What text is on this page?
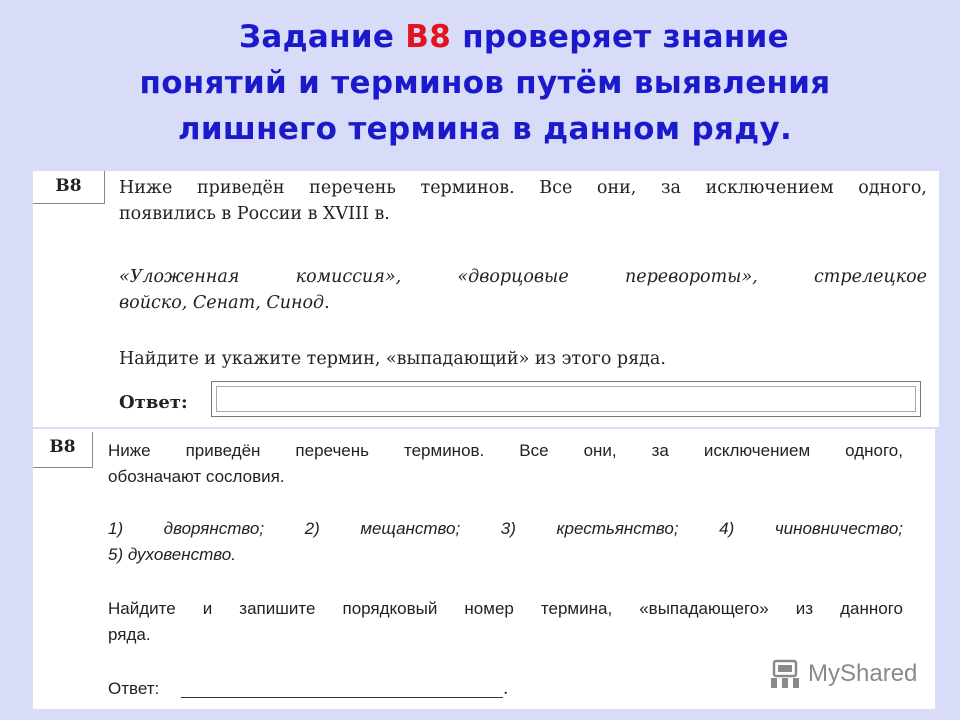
Задание B8 проверяет знание
понятий и терминов путём выявления
лишнего термина в данном ряду.
B8	Ниже приведён перечень терминов. Все они, за исключением одного,
появились в России в XVIII в.
«Уложенная комиссия», «дворцовые перевороты», стрелецкое
войско, Сенат, Синод.
Найдите и укажите термин, «выпадающий» из этого ряда.
Ответ:
B8	Ниже приведён перечень терминов. Все они, за исключением одного,
обозначают сословия.
1) дворянство; 2) мещанство; 3) крестьянство; 4) чиновничество;
5) духовенство.
Найдите и запишите порядковый номер термина, «выпадающего» из данного
ряда.
Ответ:	.
MyShared
